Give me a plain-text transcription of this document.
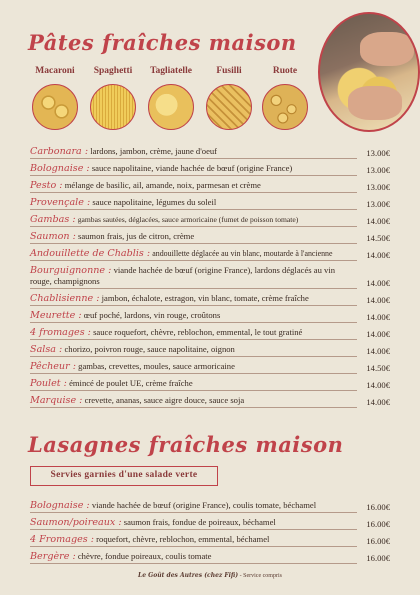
Pâtes fraîches maison
Macaroni	Spaghetti	Tagliatelle	Fusilli	Ruote
Carbonara : lardons, jambon, crème, jaune d'oeuf	13.00€
Bolognaise : sauce napolitaine, viande hachée de bœuf (origine France)	13.00€
Pesto : mélange de basilic, ail, amande, noix, parmesan et crème	13.00€
Provençale : sauce napolitaine, légumes du soleil	13.00€
Gambas : gambas sautées, déglacées, sauce armoricaine (fumet de poisson tomate)	14.00€
Saumon : saumon frais, jus de citron, crème	14.50€
Andouillette de Chablis : andouillette déglacée au vin blanc, moutarde à l'ancienne	14.00€
Bourguignonne : viande hachée de bœuf (origine France), lardons déglacés au vin rouge, champignons	14.00€
Chablisienne : jambon, échalote, estragon, vin blanc, tomate, crème fraîche	14.00€
Meurette : œuf poché, lardons, vin rouge, croûtons	14.00€
4 fromages : sauce roquefort, chèvre, reblochon, emmental, le tout gratiné	14.00€
Salsa : chorizo, poivron rouge, sauce napolitaine, oignon	14.00€
Pêcheur : gambas, crevettes, moules, sauce armoricaine	14.50€
Poulet : émincé de poulet UE, crème fraîche	14.00€
Marquise : crevette, ananas, sauce aigre douce, sauce soja	14.00€
Lasagnes fraîches maison
Servies garnies d'une salade verte
Bolognaise : viande hachée de bœuf (origine France), coulis tomate, béchamel	16.00€
Saumon/poireaux : saumon frais, fondue de poireaux, béchamel	16.00€
4 Fromages : roquefort, chèvre, reblochon, emmental, béchamel	16.00€
Bergère : chèvre, fondue poireaux, coulis tomate	16.00€
Le Goût des Autres (chez Fifi) - Service compris
